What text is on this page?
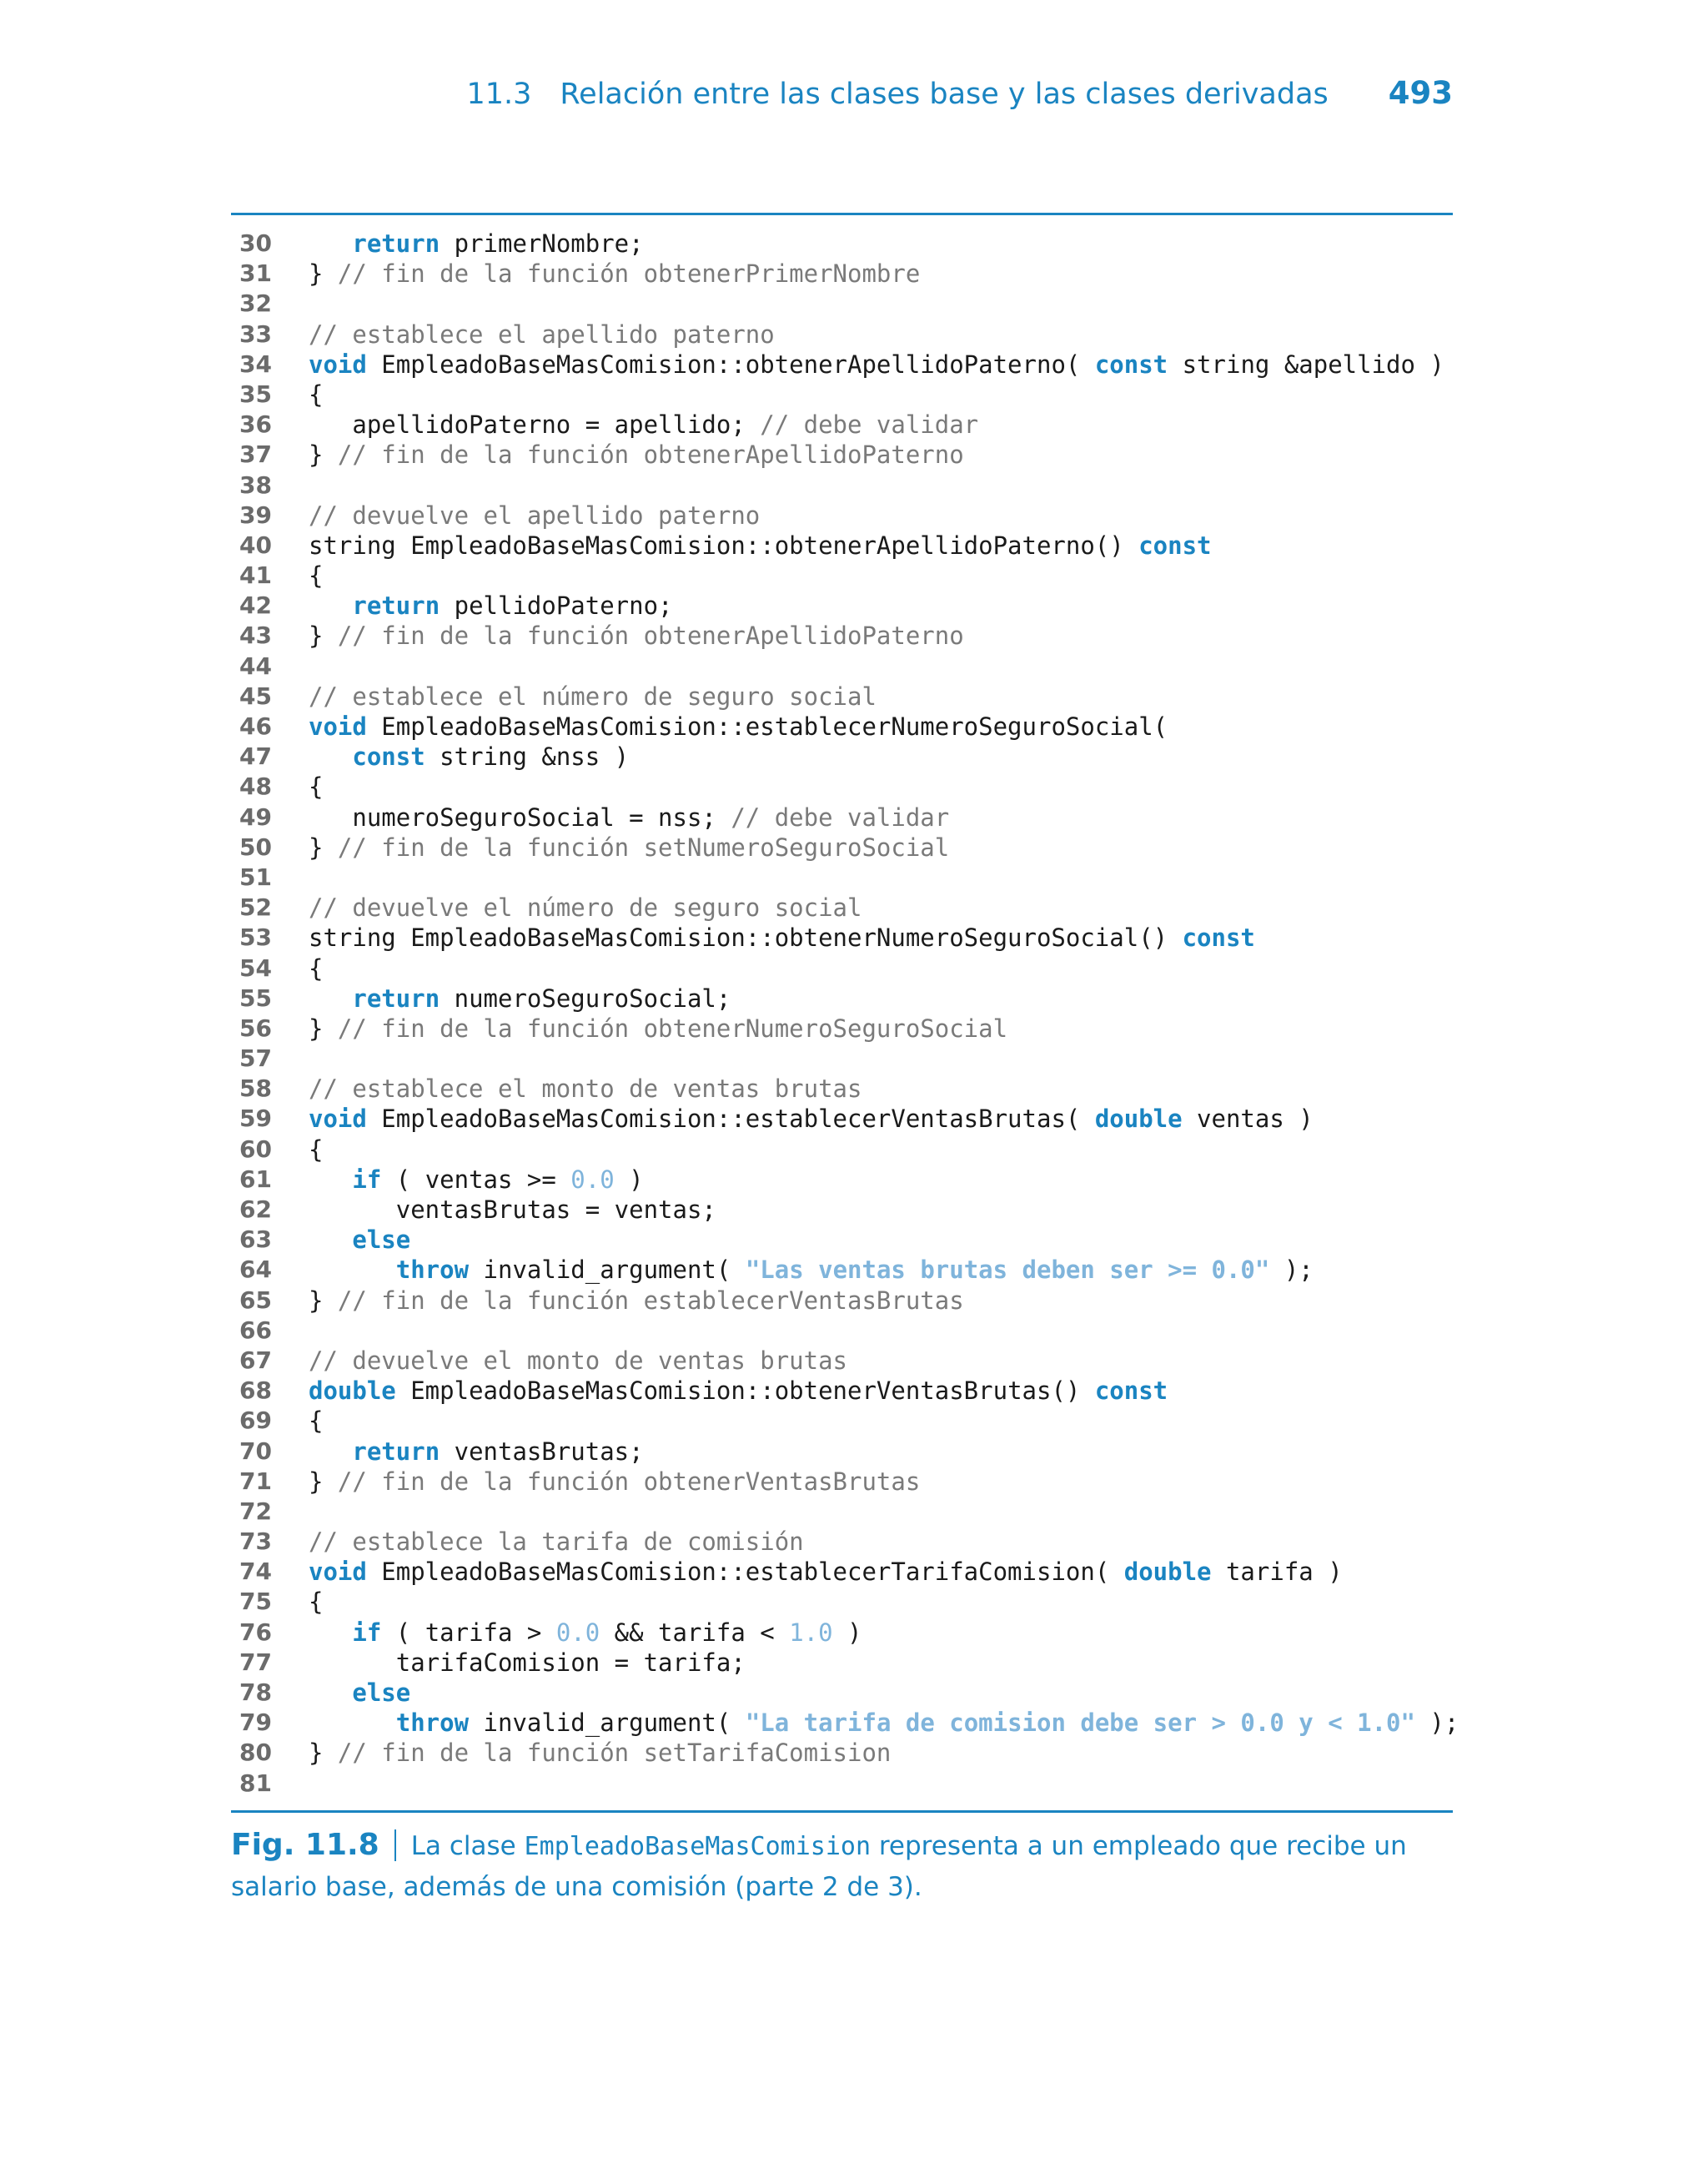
11.3 Relación entre las clases base y las clases derivadas 493
30	return primerNombre;
31 } // fin de la función obtenerPrimerNombre
32
33 // establece el apellido paterno
34 void EmpleadoBaseMasComision::obtenerApellidoPaterno( const string &apellido )
35 {
36 apellidoPaterno = apellido; // debe validar
37 } // fin de la función obtenerApellidoPaterno
38
39 // devuelve el apellido paterno
40 string EmpleadoBaseMasComision::obtenerApellidoPaterno() const
41 {
42	return pellidoPaterno;
43 } // fin de la función obtenerApellidoPaterno
44
45 // establece el número de seguro social
46 void EmpleadoBaseMasComision::establecerNumeroSeguroSocial(
47	const string &nss )
48 {
49 numeroSeguroSocial = nss; // debe validar
50 } // fin de la función setNumeroSeguroSocial
51
52 // devuelve el número de seguro social
53 string EmpleadoBaseMasComision::obtenerNumeroSeguroSocial() const
54 {
55	return numeroSeguroSocial;
56 } // fin de la función obtenerNumeroSeguroSocial
57
58 // establece el monto de ventas brutas
59 void EmpleadoBaseMasComision::establecerVentasBrutas( double ventas )
60 {
61	if ( ventas >= 0.0 )
62 ventasBrutas = ventas;
63	else
64	throw invalid_argument( "Las ventas brutas deben ser >= 0.0" );
65 } // fin de la función establecerVentasBrutas
66
67 // devuelve el monto de ventas brutas
68 double EmpleadoBaseMasComision::obtenerVentasBrutas() const
69 {
70	return ventasBrutas;
71 } // fin de la función obtenerVentasBrutas
72
73 // establece la tarifa de comisión
74 void EmpleadoBaseMasComision::establecerTarifaComision( double tarifa )
75 {
76	if ( tarifa > 0.0 && tarifa < 1.0 )
77 tarifaComision = tarifa;
78	else
79	throw invalid_argument( "La tarifa de comision debe ser > 0.0 y < 1.0" );
80 } // fin de la función setTarifaComision
81
Fig. 11.8 La clase EmpleadoBaseMasComision representa a un empleado que recibe un salario base, además de una comisión (parte 2 de 3).
